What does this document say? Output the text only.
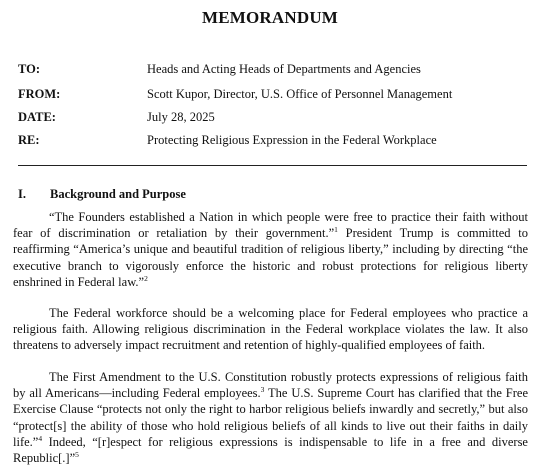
MEMORANDUM
TO:	Heads and Acting Heads of Departments and Agencies
FROM:	Scott Kupor, Director, U.S. Office of Personnel Management
DATE:	July 28, 2025
RE:	Protecting Religious Expression in the Federal Workplace
I. Background and Purpose

“The Founders established a Nation in which people were free to practice their faith without fear of discrimination or retaliation by their government.”$^1$ President Trump is committed to reaffirming “America’s unique and beautiful tradition of religious liberty,” including by directing “the executive branch to vigorously enforce the historic and robust protections for religious liberty enshrined in Federal law.”$^2$

The Federal workforce should be a welcoming place for Federal employees who practice a religious faith. Allowing religious discrimination in the Federal workplace violates the law. It also threatens to adversely impact recruitment and retention of highly-qualified employees of faith.

The First Amendment to the U.S. Constitution robustly protects expressions of religious faith by all Americans—including Federal employees.$^3$ The U.S. Supreme Court has clarified that the Free Exercise Clause “protects not only the right to harbor religious beliefs inwardly and secretly,” but also “protect[s] the ability of those who hold religious beliefs of all kinds to live out their faiths in daily life.”$^4$ Indeed, “[r]espect for religious expressions is indispensable to life in a free and diverse Republic[.]”$^5$
